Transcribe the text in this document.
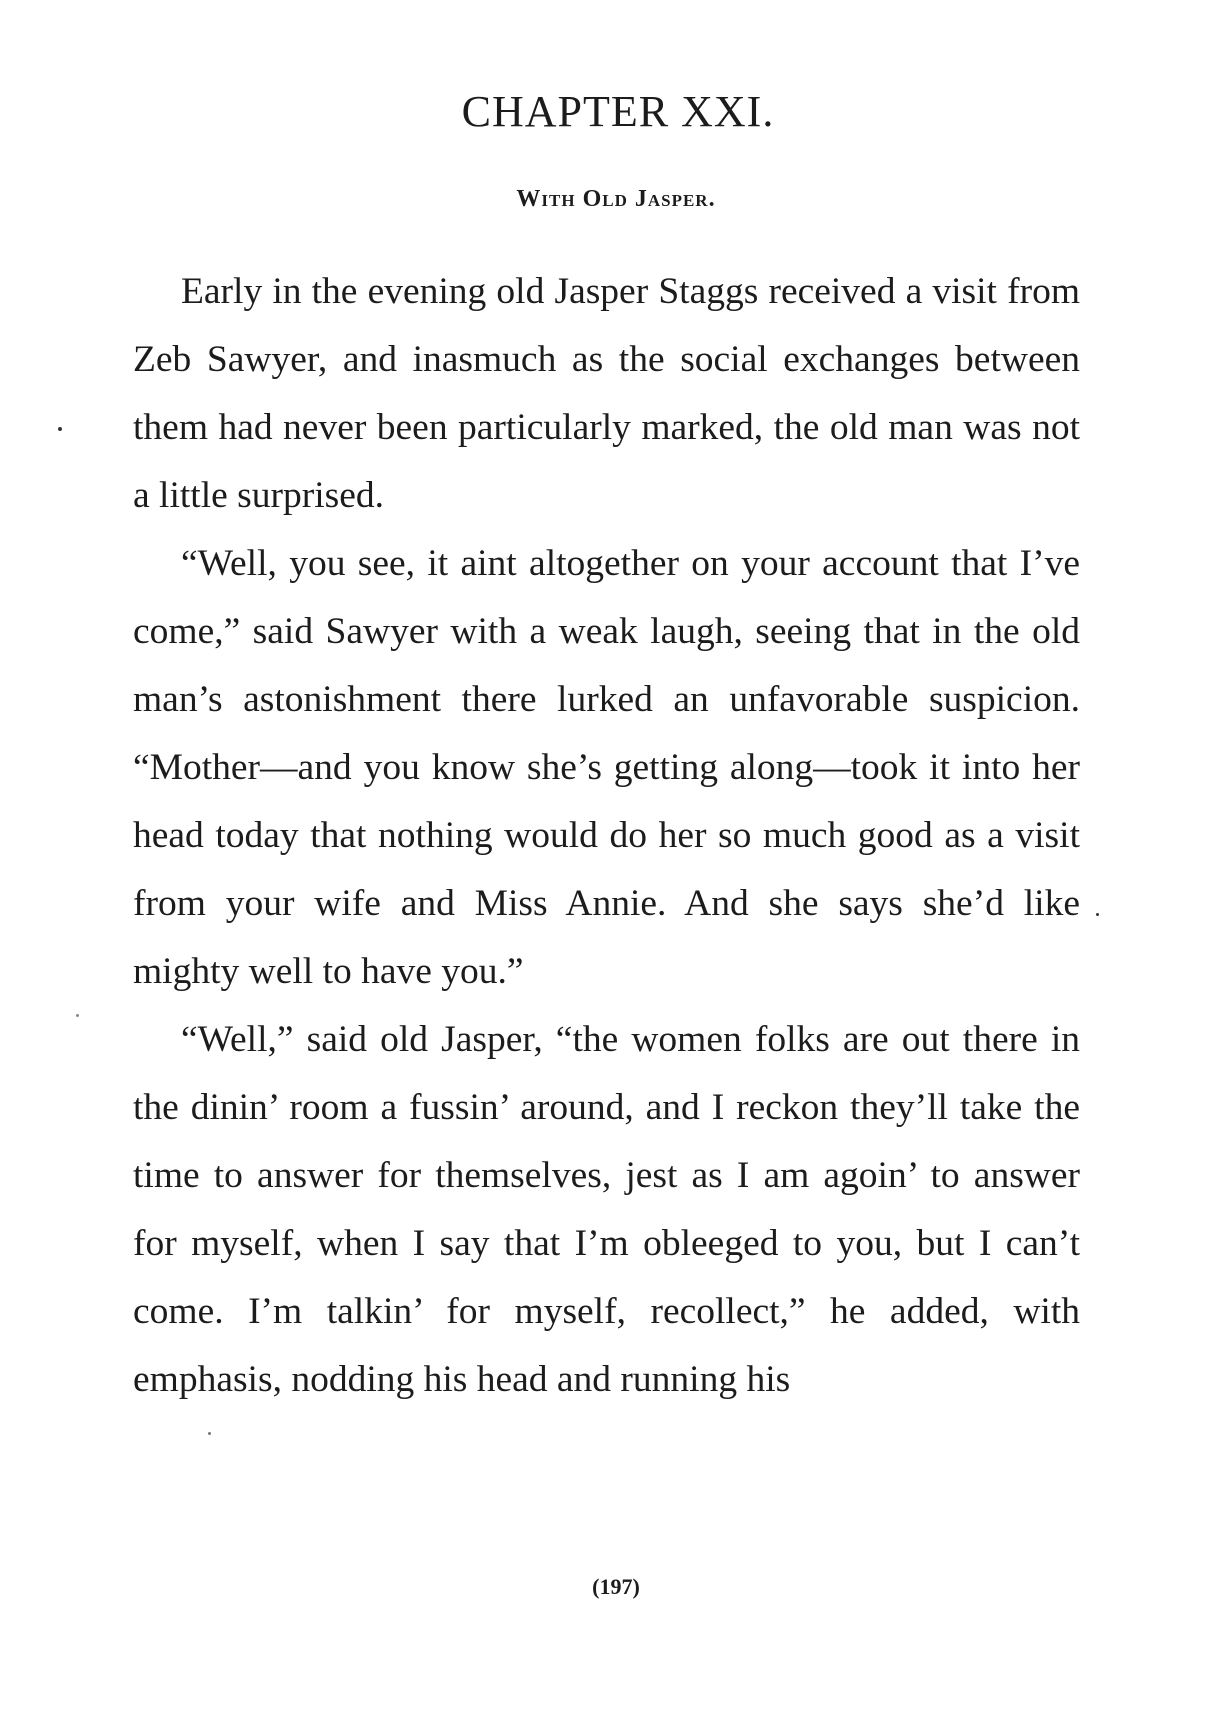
CHAPTER XXI.
With Old Jasper.

Early in the evening old Jasper Staggs received a visit from Zeb Sawyer, and inasmuch as the social exchanges between them had never been particularly marked, the old man was not a little surprised.

“Well, you see, it aint altogether on your account that I’ve come,” said Sawyer with a weak laugh, seeing that in the old man’s astonishment there lurked an unfavorable suspicion. “Mother—and you know she’s getting along—took it into her head today that nothing would do her so much good as a visit from your wife and Miss Annie. And she says she’d like mighty well to have you.”

“Well,” said old Jasper, “the women folks are out there in the dinin’ room a fussin’ around, and I reckon they’ll take the time to answer for themselves, jest as I am agoin’ to answer for myself, when I say that I’m obleeged to you, but I can’t come. I’m talkin’ for myself, recollect,” he added, with emphasis, nodding his head and running his

(197)
